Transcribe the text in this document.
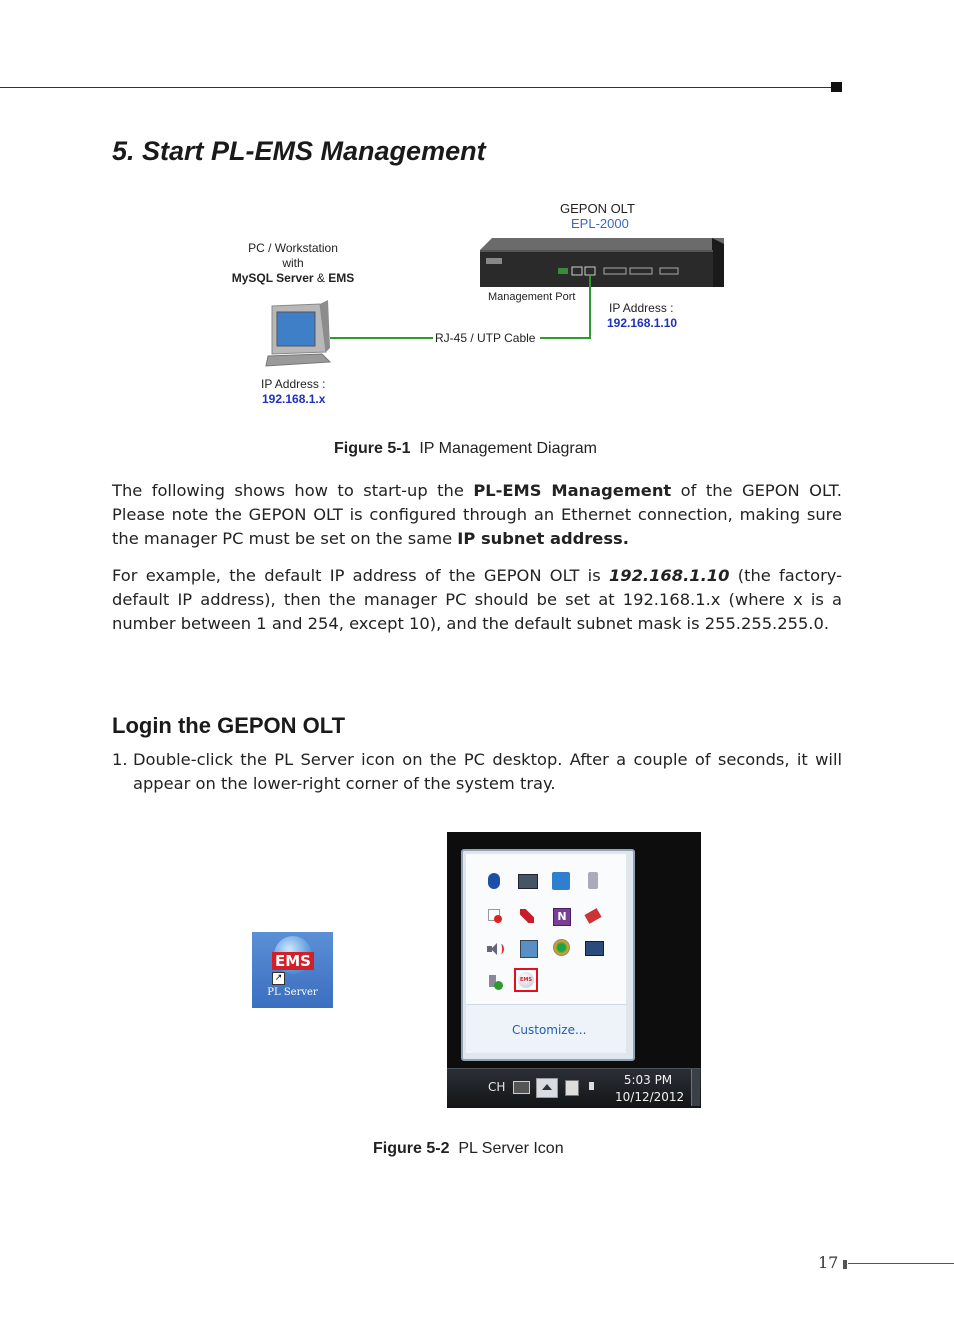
5. Start PL-EMS Management
GEPON OLT
EPL-2000
PC / Workstation
with
MySQL Server & EMS
Management Port
IP Address :
192.168.1.10
RJ-45 / UTP Cable
IP Address :
192.168.1.x
Figure 5-1 IP Management Diagram

The following shows how to start-up the PL-EMS Management of the GEPON OLT. Please note the GEPON OLT is configured through an Ethernet connection, making sure the manager PC must be set on the same IP subnet address.

For example, the default IP address of the GEPON OLT is 192.168.1.10 (the factory-default IP address), then the manager PC should be set at 192.168.1.x (where x is a number between 1 and 254, except 10), and the default subnet mask is 255.255.255.0.

Login the GEPON OLT
1. Double-click the PL Server icon on the PC desktop. After a couple of seconds, it will appear on the lower-right corner of the system tray.
EMS
↗
PL Server
Customize...
N
EMS
CH	5:03 PM
10/12/2012
Figure 5-2 PL Server Icon
17
